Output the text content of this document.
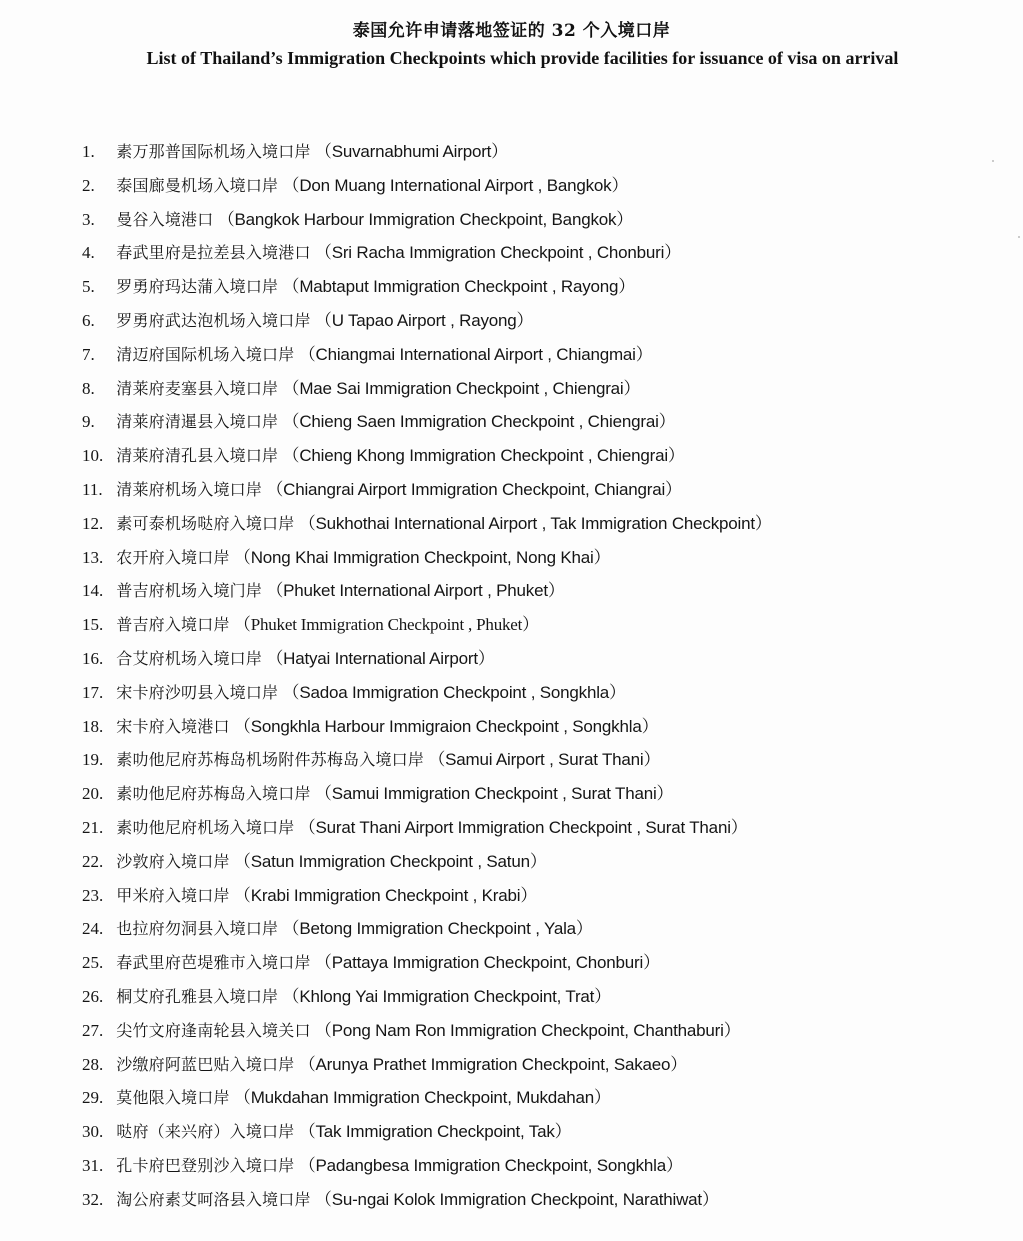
泰国允许申请落地签证的 32 个入境口岸
List of Thailand’s Immigration Checkpoints which provide facilities for issuance of visa on arrival
1. 素万那普国际机场入境口岸 （Suvarnabhumi Airport）
2. 泰国廊曼机场入境口岸 （Don Muang International Airport , Bangkok）
3. 曼谷入境港口 （Bangkok Harbour Immigration Checkpoint, Bangkok）
4. 春武里府是拉差县入境港口 （Sri Racha Immigration Checkpoint , Chonburi）
5. 罗勇府玛达蒲入境口岸 （Mabtaput Immigration Checkpoint , Rayong）
6. 罗勇府武达泡机场入境口岸 （U Tapao Airport , Rayong）
7. 清迈府国际机场入境口岸 （Chiangmai International Airport , Chiangmai）
8. 清莱府麦塞县入境口岸 （Mae Sai Immigration Checkpoint , Chiengrai）
9. 清莱府清暹县入境口岸 （Chieng Saen Immigration Checkpoint , Chiengrai）
10. 清莱府清孔县入境口岸 （Chieng Khong Immigration Checkpoint , Chiengrai）
11. 清莱府机场入境口岸 （Chiangrai Airport Immigration Checkpoint, Chiangrai）
12. 素可泰机场哒府入境口岸 （Sukhothai International Airport , Tak Immigration Checkpoint）
13. 农开府入境口岸 （Nong Khai Immigration Checkpoint, Nong Khai）
14. 普吉府机场入境门岸 （Phuket International Airport , Phuket）
15. 普吉府入境口岸 （Phuket Immigration Checkpoint , Phuket）
16. 合艾府机场入境口岸 （Hatyai International Airport）
17. 宋卡府沙叨县入境口岸 （Sadoa Immigration Checkpoint , Songkhla）
18. 宋卡府入境港口 （Songkhla Harbour Immigraion Checkpoint , Songkhla）
19. 素叻他尼府苏梅岛机场附件苏梅岛入境口岸 （Samui Airport , Surat Thani）
20. 素叻他尼府苏梅岛入境口岸 （Samui Immigration Checkpoint , Surat Thani）
21. 素叻他尼府机场入境口岸 （Surat Thani Airport Immigration Checkpoint , Surat Thani）
22. 沙敦府入境口岸 （Satun Immigration Checkpoint , Satun）
23. 甲米府入境口岸 （Krabi Immigration Checkpoint , Krabi）
24. 也拉府勿洞县入境口岸 （Betong Immigration Checkpoint , Yala）
25. 春武里府芭堤雅市入境口岸 （Pattaya Immigration Checkpoint, Chonburi）
26. 桐艾府孔雅县入境口岸 （Khlong Yai Immigration Checkpoint, Trat）
27. 尖竹文府逢南轮县入境关口 （Pong Nam Ron Immigration Checkpoint, Chanthaburi）
28. 沙缴府阿蓝巴贴入境口岸 （Arunya Prathet Immigration Checkpoint, Sakaeo）
29. 莫他限入境口岸 （Mukdahan Immigration Checkpoint, Mukdahan）
30. 哒府（来兴府）入境口岸 （Tak Immigration Checkpoint, Tak）
31. 孔卡府巴登别沙入境口岸 （Padangbesa Immigration Checkpoint, Songkhla）
32. 淘公府素艾呵洛县入境口岸 （Su-ngai Kolok Immigration Checkpoint, Narathiwat）
